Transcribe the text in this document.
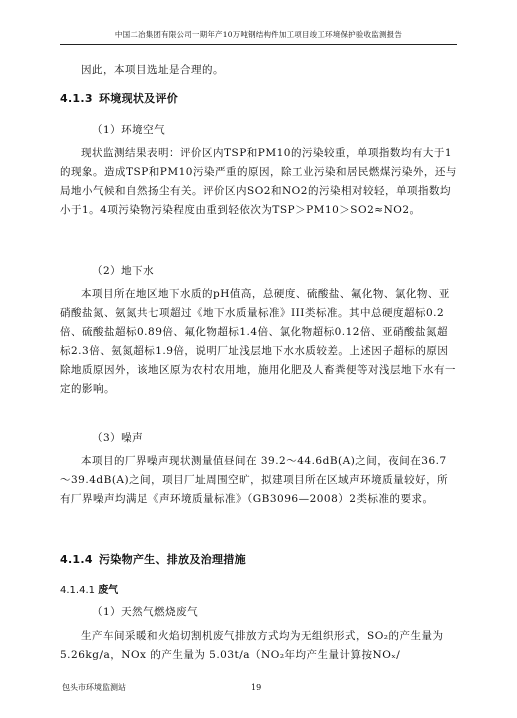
中国二冶集团有限公司一期年产10万吨钢结构件加工项目竣工环境保护验收监测报告

因此，本项目选址是合理的。

4.1.3 环境现状及评价
（1）环境空气

现状监测结果表明：评价区内TSP和PM10的污染较重，单项指数均有大于1的现象。造成TSP和PM10污染严重的原因，除工业污染和居民燃煤污染外，还与局地小气候和自然扬尘有关。评价区内SO2和NO2的污染相对较轻，单项指数均小于1。4项污染物污染程度由重到轻依次为TSP＞PM10＞SO2≈NO2。

（2）地下水

本项目所在地区地下水质的pH值高，总硬度、硫酸盐、氟化物、氯化物、亚硝酸盐氮、氨氮共七项超过《地下水质量标准》III类标准。其中总硬度超标0.2倍、硫酸盐超标0.89倍、氟化物超标1.4倍、氯化物超标0.12倍、亚硝酸盐氮超标2.3倍、氨氮超标1.9倍，说明厂址浅层地下水水质较差。上述因子超标的原因除地质原因外，该地区原为农村农用地，施用化肥及人畜粪便等对浅层地下水有一定的影响。

（3）噪声

本项目的厂界噪声现状测量值昼间在 39.2～44.6dB(A)之间，夜间在36.7～39.4dB(A)之间，项目厂址周围空旷，拟建项目所在区域声环境质量较好，所有厂界噪声均满足《声环境质量标准》（GB3096—2008）2类标准的要求。

4.1.4 污染物产生、排放及治理措施
4.1.4.1 废气
（1）天然气燃烧废气

生产车间采暖和火焰切割机废气排放方式均为无组织形式，SO₂的产生量为 5.26kg/a，NOx 的产生量为 5.03t/a（NO₂年均产生量计算按NOₓ/

包头市环境监测站	19
